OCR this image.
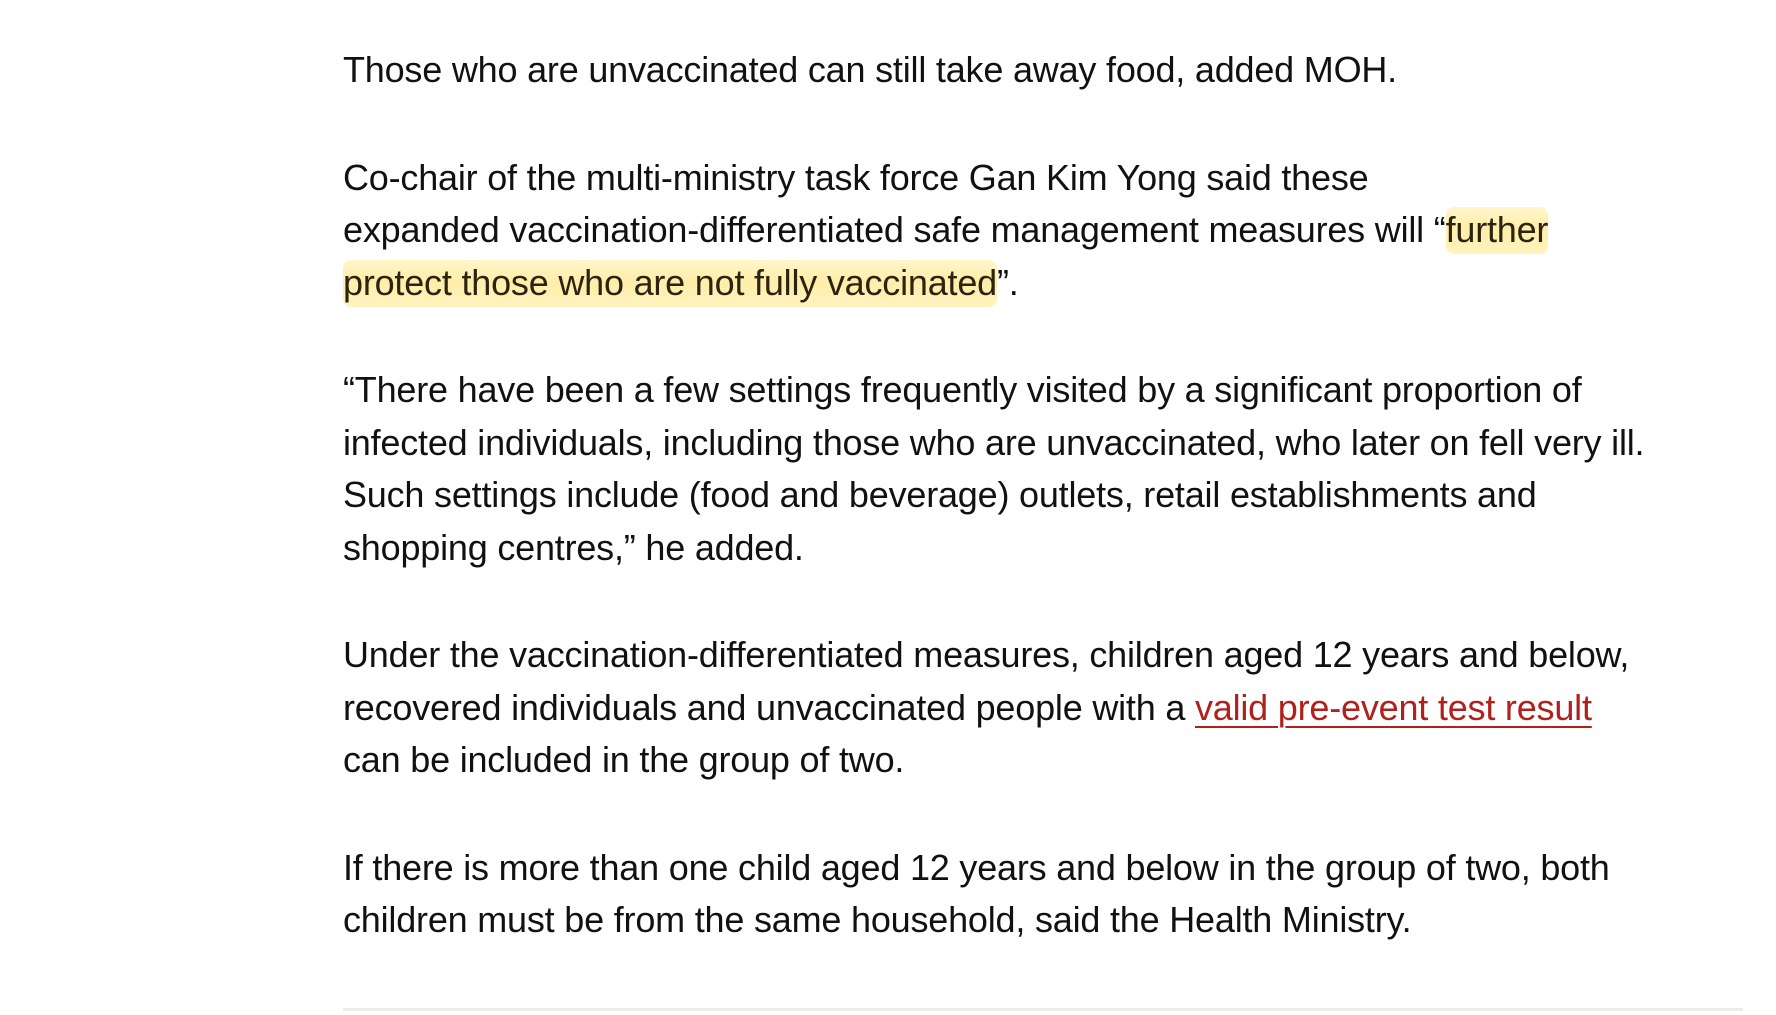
Those who are unvaccinated can still take away food, added MOH.

Co-chair of the multi-ministry task force Gan Kim Yong said these
expanded vaccination-differentiated safe management measures will “further
protect those who are not fully vaccinated”.

“There have been a few settings frequently visited by a significant proportion of
infected individuals, including those who are unvaccinated, who later on fell very ill.
Such settings include (food and beverage) outlets, retail establishments and
shopping centres,” he added.

Under the vaccination-differentiated measures, children aged 12 years and below,
recovered individuals and unvaccinated people with a valid pre-event test result
can be included in the group of two.

If there is more than one child aged 12 years and below in the group of two, both
children must be from the same household, said the Health Ministry.
